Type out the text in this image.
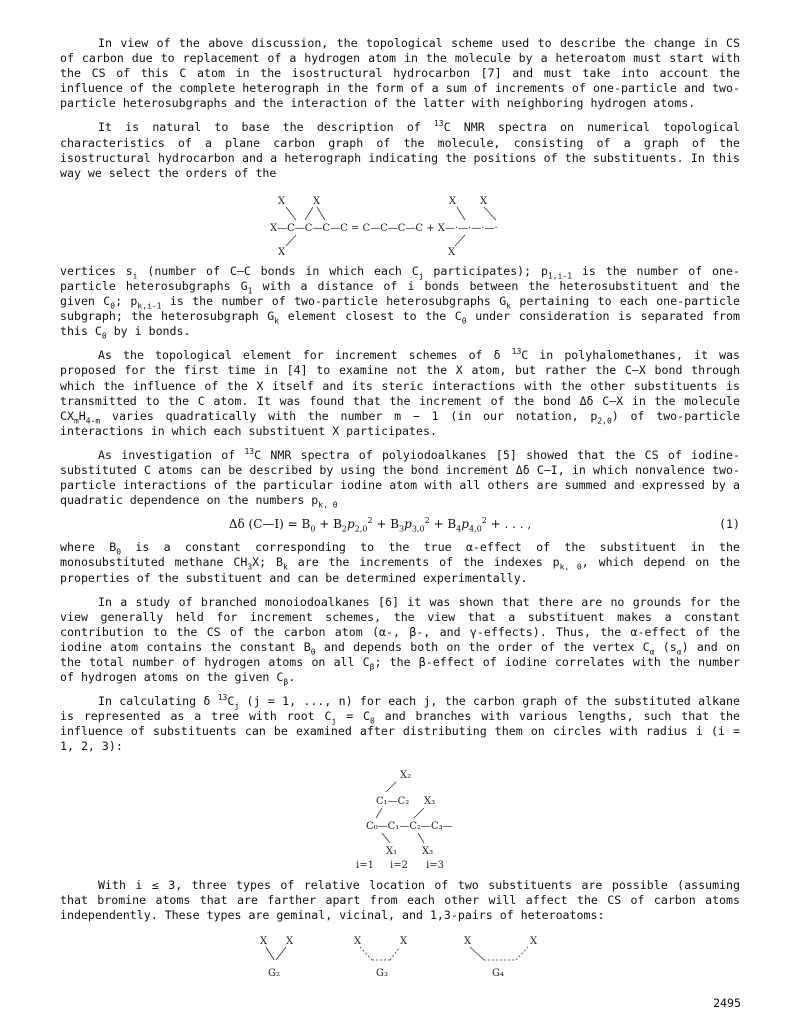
In view of the above discussion, the topological scheme used to describe the change in CS of carbon due to replacement of a hydrogen atom in the molecule by a heteroatom must start with the CS of this C atom in the isostructural hydrocarbon [7] and must take into account the influence of the complete heterograph in the form of a sum of increments of one-particle and two-particle heterosubgraphs and the interaction of the latter with neighboring hydrogen atoms.

It is natural to base the description of $^{13}$C NMR spectra on numerical topological characteristics of a plane carbon graph of the molecule, consisting of a graph of the isostructural hydrocarbon and a heterograph indicating the positions of the substituents. In this way we select the orders of the

X	X	X X
X—C—C—C—C = C—C—C—C + X—·—·—·—·
X	X

vertices $s_i$ (number of C–C bonds in which each $C_j$ participates); $p_{1,i-1}$ is the number of one-particle heterosubgraphs $G_1$ with a distance of i bonds between the heterosubstituent and the given $C_0$; $p_{k,i-1}$ is the number of two-particle heterosubgraphs $G_k$ pertaining to each one-particle subgraph; the heterosubgraph $G_k$ element closest to the $C_0$ under consideration is separated from this $C_0$ by i bonds.

As the topological element for increment schemes of δ $^{13}$C in polyhalomethanes, it was proposed for the first time in [4] to examine not the X atom, but rather the C–X bond through which the influence of the X itself and its steric interactions with the other substituents is transmitted to the C atom. It was found that the increment of the bond Δδ C–X in the molecule $CX_mH_{4-m}$ varies quadratically with the number m − 1 (in our notation, $p_{2,0}$) of two-particle interactions in which each substituent X participates.

As investigation of $^{13}$C NMR spectra of polyiodoalkanes [5] showed that the CS of iodine-substituted C atoms can be described by using the bond increment Δδ C–I, in which nonvalence two-particle interactions of the particular iodine atom with all others are summed and expressed by a quadratic dependence on the numbers $p_{k, 0}$

Δδ (C—I) = $B_0 + B_2p_{2,0}^2 + B_3p_{3,0}^2 + B_4p_{4,0}^2$ + . . . ,	(1)

where $B_0$ is a constant corresponding to the true α-effect of the substituent in the monosubstituted methane $CH_3X$; $B_k$ are the increments of the indexes $p_{k, 0}$, which depend on the properties of the substituent and can be determined experimentally.

In a study of branched monoiodoalkanes [6] it was shown that there are no grounds for the view generally held for increment schemes, the view that a substituent makes a constant contribution to the CS of the carbon atom (α-, β-, and γ-effects). Thus, the α-effect of the iodine atom contains the constant $B_0$ and depends both on the order of the vertex $C_\alpha$ $(s_\alpha)$ and on the total number of hydrogen atoms on all $C_\beta$; the β-effect of iodine correlates with the number of hydrogen atoms on the given $C_\beta$.

In calculating δ $^{13}C_j$ (j = 1, ..., n) for each j, the carbon graph of the substituted alkane is represented as a tree with root $C_j = C_0$ and branches with various lengths, such that the influence of substituents can be examined after distributing them on circles with radius i (i = 1, 2, 3):

X₂
C₁—C₂ X₃
C₀—C₁—C₂—C₃—
X₁ X₃
i=1 i=2 i=3

With i ≤ 3, three types of relative location of two substituents are possible (assuming that bromine atoms that are farther apart from each other will affect the CS of carbon atoms independently. These types are geminal, vicinal, and 1,3-pairs of heteroatoms:

X X
G₂
X	X
G₃
X	X
G₄
2495
